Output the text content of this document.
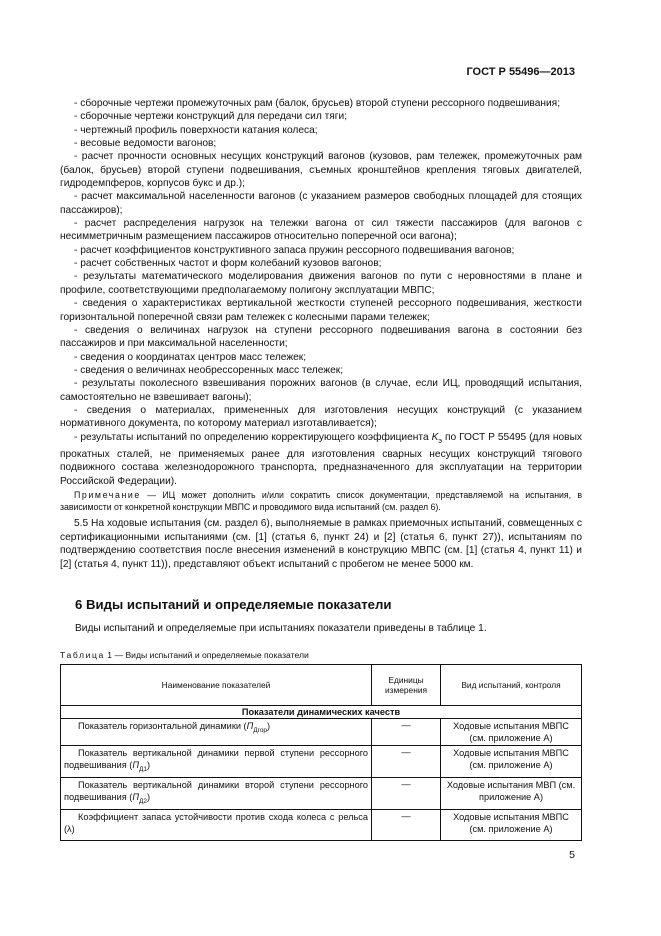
ГОСТ Р 55496—2013

- сборочные чертежи промежуточных рам (балок, брусьев) второй ступени рессорного подвешивания;

- сборочные чертежи конструкций для передачи сил тяги;

- чертежный профиль поверхности катания колеса;

- весовые ведомости вагонов;

- расчет прочности основных несущих конструкций вагонов (кузовов, рам тележек, промежуточных рам (балок, брусьев) второй ступени подвешивания, съемных кронштейнов крепления тяговых двигателей, гидродемпферов, корпусов букс и др.);

- расчет максимальной населенности вагонов (с указанием размеров свободных площадей для стоящих пассажиров);

- расчет распределения нагрузок на тележки вагона от сил тяжести пассажиров (для вагонов с несимметричным размещением пассажиров относительно поперечной оси вагона);

- расчет коэффициентов конструктивного запаса пружин рессорного подвешивания вагонов;

- расчет собственных частот и форм колебаний кузовов вагонов;

- результаты математического моделирования движения вагонов по пути с неровностями в плане и профиле, соответствующими предполагаемому полигону эксплуатации МВПС;

- сведения о характеристиках вертикальной жесткости ступеней рессорного подвешивания, жесткости горизонтальной поперечной связи рам тележек с колесными парами тележек;

- сведения о величинах нагрузок на ступени рессорного подвешивания вагона в состоянии без пассажиров и при максимальной населенности;

- сведения о координатах центров масс тележек;

- сведения о величинах необрессоренных масс тележек;

- результаты поколесного взвешивания порожних вагонов (в случае, если ИЦ, проводящий испытания, самостоятельно не взвешивает вагоны);

- сведения о материалах, примененных для изготовления несущих конструкций (с указанием нормативного документа, по которому материал изготавливается);

- результаты испытаний по определению корректирующего коэффициента $K_э$ по ГОСТ Р 55495 (для новых прокатных сталей, не применяемых ранее для изготовления сварных несущих конструкций тягового подвижного состава железнодорожного транспорта, предназначенного для эксплуатации на территории Российской Федерации).

Примечание — ИЦ может дополнить и/или сократить список документации, представляемой на испытания, в зависимости от конкретной конструкции МВПС и проводимого вида испытаний (см. раздел 6).
5.5 На ходовые испытания (см. раздел 6), выполняемые в рамках приемочных испытаний, совмещенных с сертификационными испытаниями (см. [1] (статья 6, пункт 24) и [2] (статья 6, пункт 27)), испытаниям по подтверждению соответствия после внесения изменений в конструкцию МВПС (см. [1] (статья 4, пункт 11) и [2] (статья 4, пункт 11)), представляют объект испытаний с пробегом не менее 5000 км.
6 Виды испытаний и определяемые показатели
Виды испытаний и определяемые при испытаниях показатели приведены в таблице 1.
Таблица 1 — Виды испытаний и определяемые показатели
Наименование показателей	Единицы измерения	Вид испытаний, контроля
Показатели динамических качеств		
Показатель горизонтальной динамики $(П_{Дгор})$	—	Ходовые испытания МВПС (см. приложение А)
Показатель вертикальной динамики первой ступени рессорного подвешивания $(П_{Д1})$	—	Ходовые испытания МВПС (см. приложение А)
Показатель вертикальной динамики второй ступени рессорного подвешивания $(П_{Д2})$	—	Ходовые испытания МВП (см. приложение А)
Коэффициент запаса устойчивости против схода колеса с рельса (λ)	—	Ходовые испытания МВПС (см. приложение А)
5
